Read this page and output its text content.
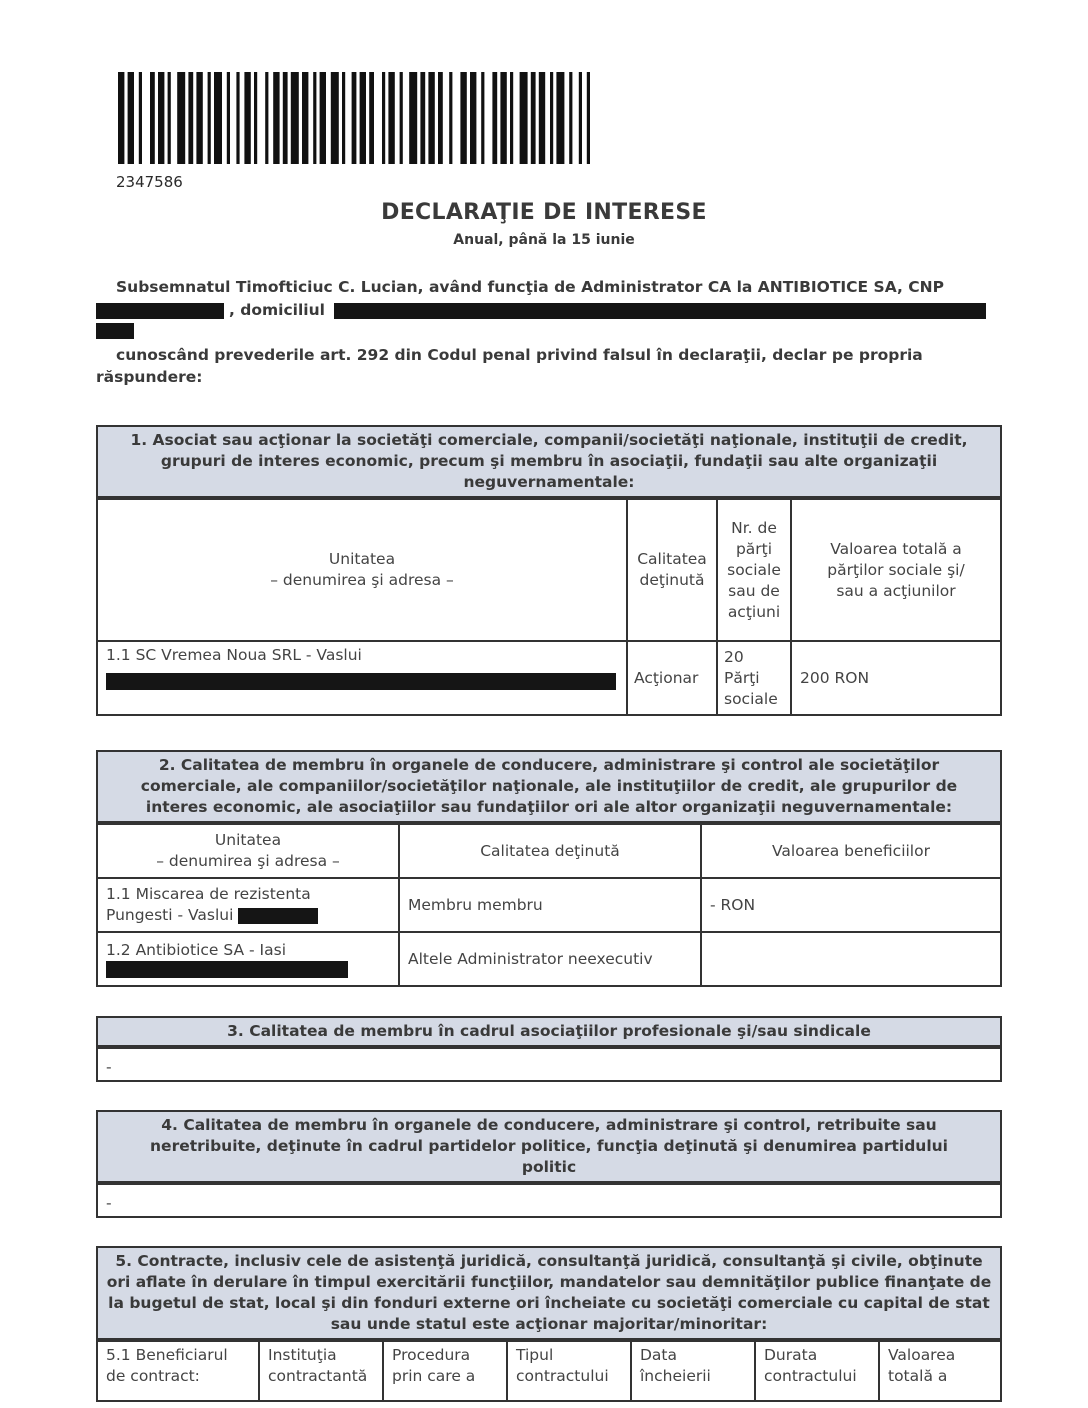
2347586
DECLARAŢIE DE INTERESE
Anual, până la 15 iunie
Subsemnatul Timofticiuc C. Lucian, având funcţia de Administrator CA la ANTIBIOTICE SA, CNP
, domiciliul
cunoscând prevederile art. 292 din Codul penal privind falsul în declaraţii, declar pe propria
răspundere:
1. Asociat sau acţionar la societăţi comerciale, companii/societăţi naţionale, instituţii de credit, grupuri de interes economic, precum şi membru în asociaţii, fundaţii sau alte organizaţii neguvernamentale:
Unitatea
– denumirea şi adresa –	Calitatea deţinută	Nr. de părţi sociale sau de acţiuni	Valoarea totală a părţilor sociale şi/ sau a acţiunilor

1.1 SC Vremea Noua SRL - Vaslui	Acţionar	20 Părţi sociale	200 RON
2. Calitatea de membru în organele de conducere, administrare şi control ale societăţilor comerciale, ale companiilor/societăţilor naţionale, ale instituţiilor de credit, ale grupurilor de interes economic, ale asociaţiilor sau fundaţiilor ori ale altor organizaţii neguvernamentale:
Unitatea
– denumirea şi adresa –	Calitatea deţinută	Valoarea beneficiilor

1.1 Miscarea de rezistenta
Pungesti - Vaslui	Membru membru	- RON

1.2 Antibiotice SA - Iasi	Altele Administrator neexecutiv	
3. Calitatea de membru în cadrul asociaţiilor profesionale şi/sau sindicale
-
4. Calitatea de membru în organele de conducere, administrare şi control, retribuite sau neretribuite, deţinute în cadrul partidelor politice, funcţia deţinută şi denumirea partidului politic
-
5. Contracte, inclusiv cele de asistenţă juridică, consultanţă juridică, consultanţă şi civile, obţinute ori aflate în derulare în timpul exercitării funcţiilor, mandatelor sau demnităţilor publice finanţate de la bugetul de stat, local şi din fonduri externe ori încheiate cu societăţi comerciale cu capital de stat sau unde statul este acţionar majoritar/minoritar:
5.1 Beneficiarul de contract:	Instituţia contractantă	Procedura prin care a	Tipul contractului	Data încheierii	Durata contractului	Valoarea totală a
